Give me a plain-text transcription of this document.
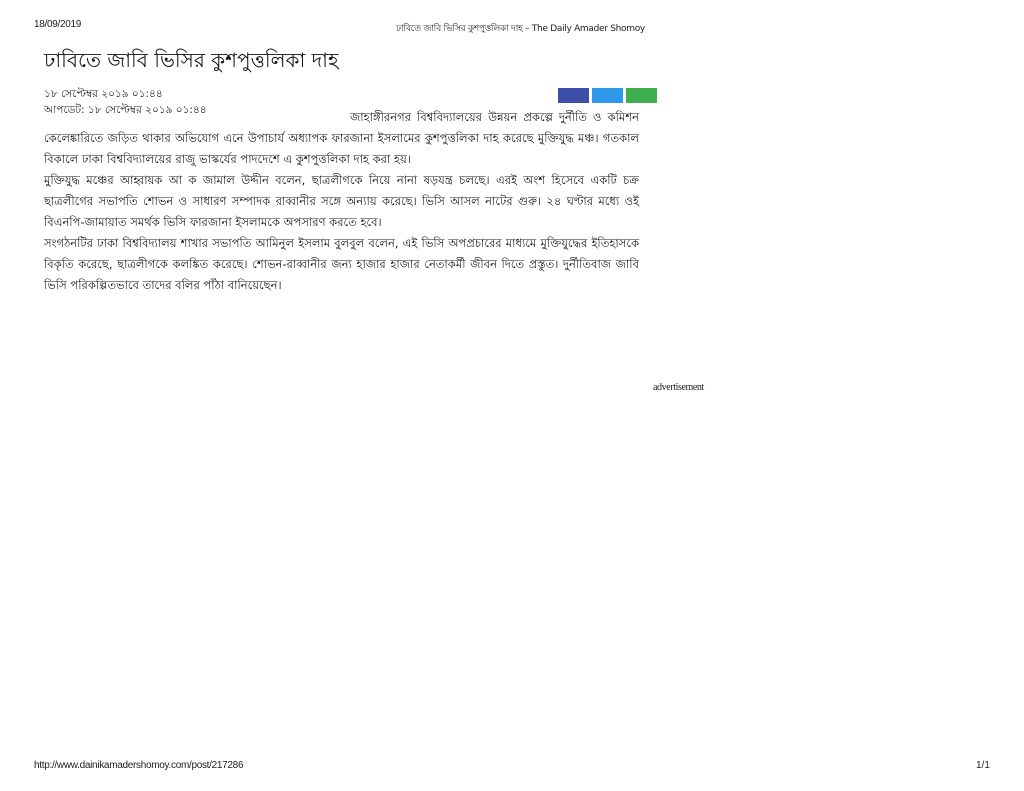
18/09/2019	ঢাবিতে জাবি ভিসির কুশপুত্তলিকা দাহ – The Daily Amader Shomoy
ঢাবিতে জাবি ভিসির কুশপুত্তলিকা দাহ
১৮ সেপ্টেম্বর ২০১৯ ০১:৪৪
আপডেট: ১৮ সেপ্টেম্বর ২০১৯ ০১:৪৪	জাহাঙ্গীরনগর বিশ্ববিদ্যালয়ের উন্নয়ন প্রকল্পে দুর্নীতি ও কমিশন কেলেঙ্কারিতে জড়িত থাকার অভিযোগ এনে উপাচার্য অধ্যাপক ফারজানা ইসলামের কুশপুত্তলিকা দাহ করেছে মুক্তিযুদ্ধ মঞ্চ। গতকাল বিকালে ঢাকা বিশ্ববিদ্যালয়ের রাজু ভাস্কর্যের পাদদেশে এ কুশপুত্তলিকা দাহ করা হয়।

মুক্তিযুদ্ধ মঞ্চের আহ্বায়ক আ ক জামাল উদ্দীন বলেন, ছাত্রলীগকে নিয়ে নানা ষড়যন্ত্র চলছে। এরই অংশ হিসেবে একটি চক্র ছাত্রলীগের সভাপতি শোভন ও সাধারণ সম্পাদক রাব্বানীর সঙ্গে অন্যায় করেছে। ভিসি আসল নাটের গুরু। ২৪ ঘণ্টার মধ্যে ওই বিএনপি-জামায়াত সমর্থক ভিসি ফারজানা ইসলামকে অপসারণ করতে হবে।

সংগঠনটির ঢাকা বিশ্ববিদ্যালয় শাখার সভাপতি আমিনুল ইসলাম বুলবুল বলেন, এই ভিসি অপপ্রচারের মাধ্যমে মুক্তিযুদ্ধের ইতিহাসকে বিকৃতি করেছে, ছাত্রলীগকে কলঙ্কিত করেছে। শোভন-রাব্বানীর জন্য হাজার হাজার নেতাকর্মী জীবন দিতে প্রস্তুত। দুর্নীতিবাজ জাবি ভিসি পরিকল্পিতভাবে তাদের বলির পাঁঠা বানিয়েছেন।

advertisement
http://www.dainikamadershomoy.com/post/217286	1/1
